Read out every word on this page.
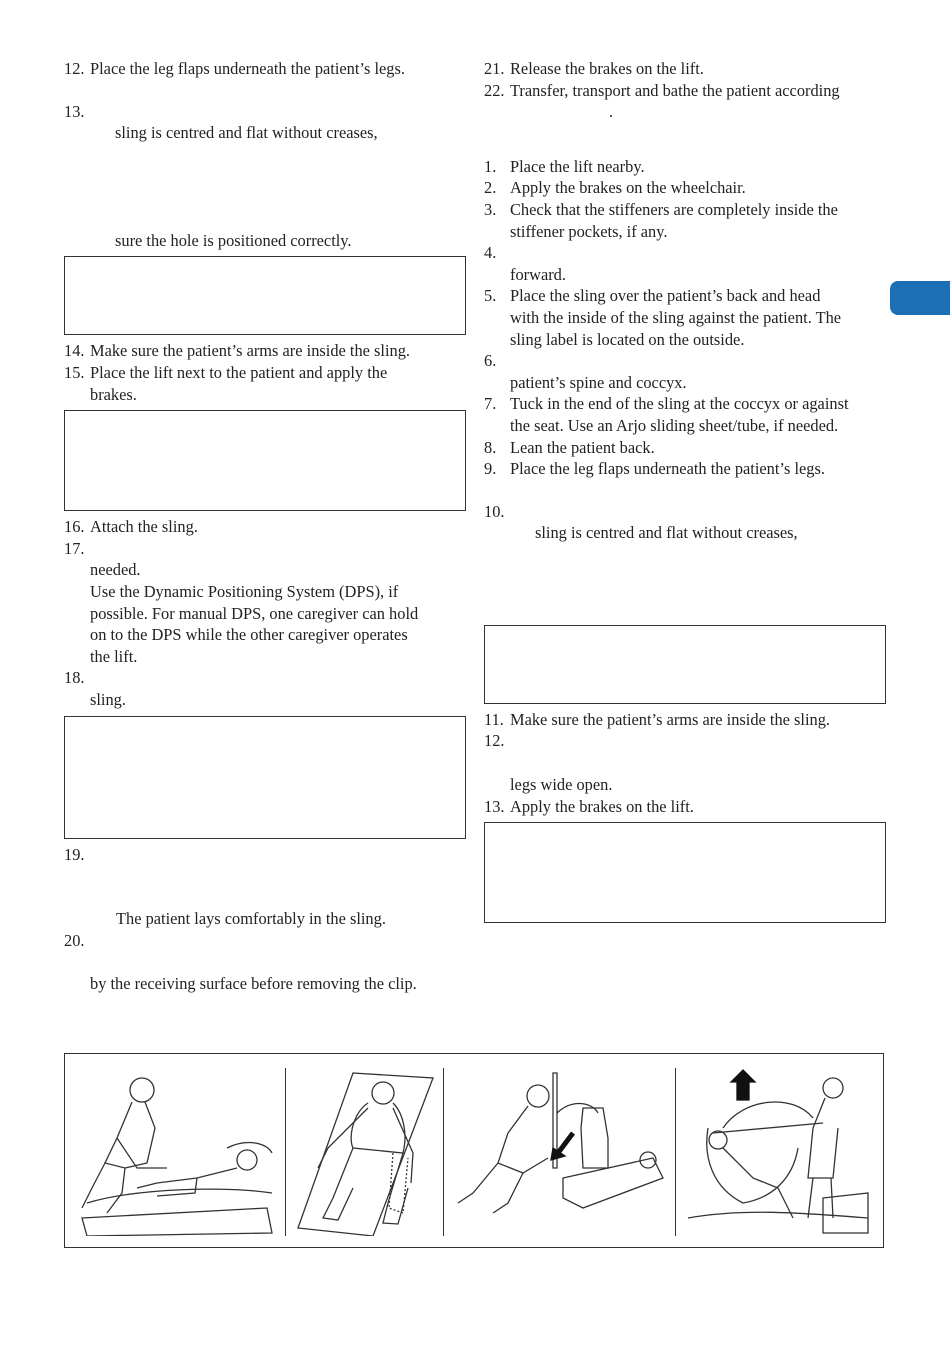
12. Place the leg flaps underneath the patient’s legs.
13.
sling is centred and flat without creases,
sure the hole is positioned correctly.
14. Make sure the patient’s arms are inside the sling.
15. Place the lift next to the patient and apply the
brakes.
16. Attach the sling.
17.
needed.
Use the Dynamic Positioning System (DPS), if
possible. For manual DPS, one caregiver can hold
on to the DPS while the other caregiver operates
the lift.
18.
sling.
19.
The patient lays comfortably in the sling.
20.
by the receiving surface before removing the clip.
21. Release the brakes on the lift.
22. Transfer, transport and bathe the patient according
.
1. Place the lift nearby.
2. Apply the brakes on the wheelchair.
3. Check that the stiffeners are completely inside the
stiffener pockets, if any.
4.
forward.
5. Place the sling over the patient’s back and head
with the inside of the sling against the patient. The
sling label is located on the outside.
6.
patient’s spine and coccyx.
7. Tuck in the end of the sling at the coccyx or against
the seat. Use an Arjo sliding sheet/tube, if needed.
8. Lean the patient back.
9. Place the leg flaps underneath the patient’s legs.
10.
sling is centred and flat without creases,
11. Make sure the patient’s arms are inside the sling.
12.
legs wide open.
13. Apply the brakes on the lift.
